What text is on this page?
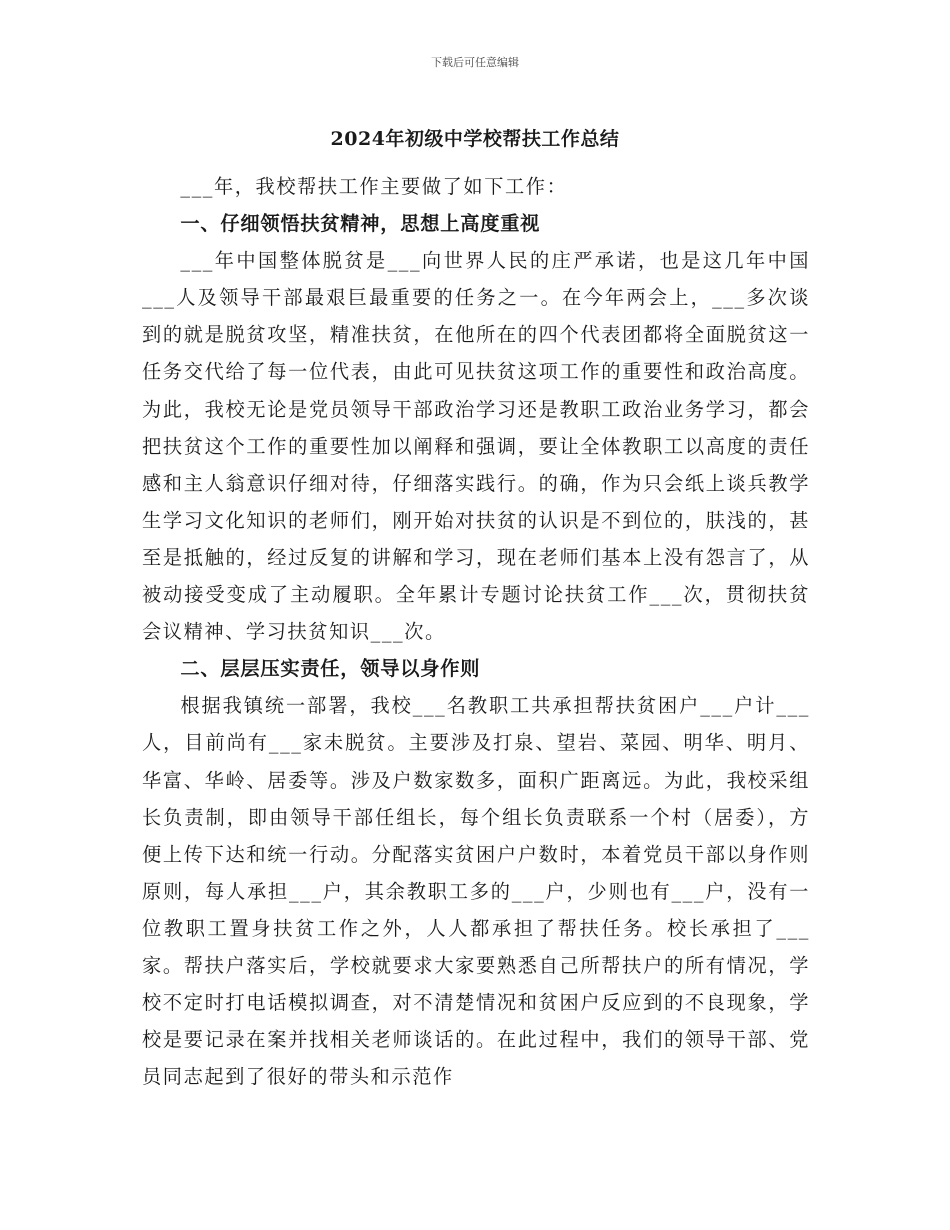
下载后可任意编辑
2024年初级中学校帮扶工作总结

___年，我校帮扶工作主要做了如下工作：

一、仔细领悟扶贫精神，思想上高度重视

___年中国整体脱贫是___向世界人民的庄严承诺，也是这几年中国___人及领导干部最艰巨最重要的任务之一。在今年两会上，___多次谈到的就是脱贫攻坚，精准扶贫，在他所在的四个代表团都将全面脱贫这一任务交代给了每一位代表，由此可见扶贫这项工作的重要性和政治高度。为此，我校无论是党员领导干部政治学习还是教职工政治业务学习，都会把扶贫这个工作的重要性加以阐释和强调，要让全体教职工以高度的责任感和主人翁意识仔细对待，仔细落实践行。的确，作为只会纸上谈兵教学生学习文化知识的老师们，刚开始对扶贫的认识是不到位的，肤浅的，甚至是抵触的，经过反复的讲解和学习，现在老师们基本上没有怨言了，从被动接受变成了主动履职。全年累计专题讨论扶贫工作___次，贯彻扶贫会议精神、学习扶贫知识___次。

二、层层压实责任，领导以身作则

根据我镇统一部署，我校___名教职工共承担帮扶贫困户___户计___人，目前尚有___家未脱贫。主要涉及打泉、望岩、菜园、明华、明月、华富、华岭、居委等。涉及户数家数多，面积广距离远。为此，我校采组长负责制，即由领导干部任组长，每个组长负责联系一个村（居委），方便上传下达和统一行动。分配落实贫困户户数时，本着党员干部以身作则原则，每人承担___户，其余教职工多的___户，少则也有___户，没有一位教职工置身扶贫工作之外，人人都承担了帮扶任务。校长承担了___家。帮扶户落实后，学校就要求大家要熟悉自己所帮扶户的所有情况，学校不定时打电话模拟调查，对不清楚情况和贫困户反应到的不良现象，学校是要记录在案并找相关老师谈话的。在此过程中，我们的领导干部、党员同志起到了很好的带头和示范作
